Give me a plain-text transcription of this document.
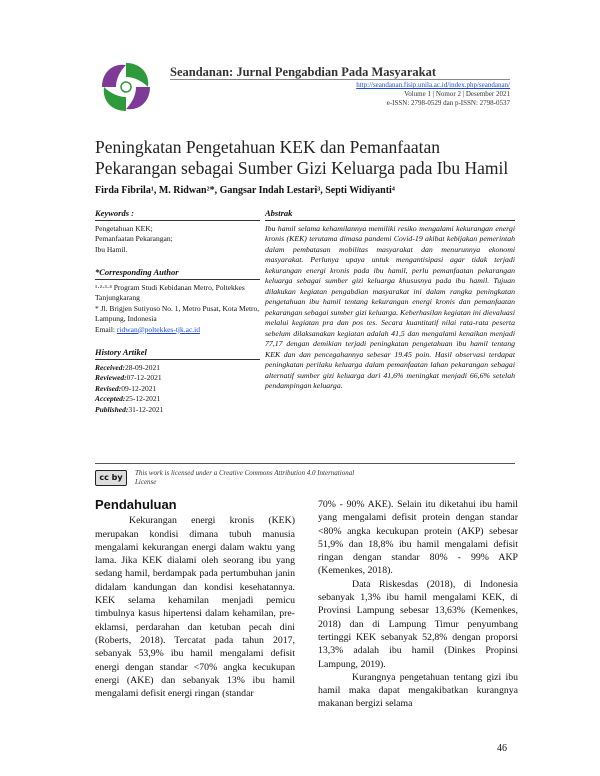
Seandanan: Jurnal Pengabdian Pada Masyarakat
http://seandanan.fisip.unila.ac.id/index.php/seandanan/
Volume 1 | Nomor 2 | Desember 2021
e-ISSN: 2798-0529 dan p-ISSN: 2798-0537
Peningkatan Pengetahuan KEK dan Pemanfaatan Pekarangan sebagai Sumber Gizi Keluarga pada Ibu Hamil
Firda Fibrila¹, M. Ridwan²*, Gangsar Indah Lestari³, Septi Widiyanti⁴
Keywords :

Pengetahuan KEK;

Pemanfaatan Pekarangan;

Ibu Hamil.

*Corresponding Author

¹·²·³·⁴ Program Studi Kebidanan Metro, Poltekkes Tanjungkarang

* Jl. Brigjen Sutiyoso No. 1, Metro Pusat, Kota Metro, Lampung, Indonesia

Email: ridwan@poltekkes-tjk.ac.id

History Artikel
Received:28-09-2021
Reviewed:07-12-2021
Revised:09-12-2021
Accepted:25-12-2021
Published:31-12-2021
Abstrak

Ibu hamil selama kehamilannya memiliki resiko mengalami kekurangan energi kronis (KEK) terutama dimasa pandemi Covid-19 akibat kebijakan pemerintah dalam pembatasan mobilitas masyarakat dan menurunnya ekonomi masyarakat. Perlunya upaya untuk mengantisipasi agar tidak terjadi kekurangan energi kronis pada ibu hamil, perlu pemanfaatan pekarangan keluarga sebagai sumber gizi keluarga khususnya pada ibu hamil. Tujuan dilakukan kegiatan pengabdian masyarakat ini dalam rangka peningkatan pengetahuan ibu hamil tentang kekurangan energi kronis dan pemanfaatan pekarangan sebagai sumber gizi keluarga. Keberhasilan kegiatan ini dievaluasi melalui kegiatan pra dan pos tes. Secara kuantitatif nilai rata-rata peserta sebelum dilaksanakan kegiatan adalah 41,5 dan mengalami kenaikan menjadi 77,17 dengan demikian terjadi peningkatan pengetahuan ibu hamil tentang KEK dan dan pencegahannya sebesar 19.45 poin. Hasil observasi terdapat peningkatan perilaku keluarga dalam pemanfaatan lahan pekarangan sebagai alternatif sumber gizi keluarga dari 41,6% meningkat menjadi 66,6% setelah pendampingan keluarga.

cc by	This work is licensed under a Creative Commons Attribution 4.0 International License
Pendahuluan

Kekurangan energi kronis (KEK) merupakan kondisi dimana tubuh manusia mengalami kekurangan energi dalam waktu yang lama. Jika KEK dialami oleh seorang ibu yang sedang hamil, berdampak pada pertumbuhan janin didalam kandungan dan kondisi kesehatannya. KEK selama kehamilan menjadi pemicu timbulnya kasus hipertensi dalam kehamilan, pre-eklamsi, perdarahan dan ketuban pecah dini (Roberts, 2018). Tercatat pada tahun 2017, sebanyak 53,9% ibu hamil mengalami defisit energi dengan standar <70% angka kecukupan energi (AKE) dan sebanyak 13% ibu hamil mengalami defisit energi ringan (standar

70% - 90% AKE). Selain itu diketahui ibu hamil yang mengalami defisit protein dengan standar <80% angka kecukupan protein (AKP) sebesar 51,9% dan 18,8% ibu hamil mengalami defisit ringan dengan standar 80% - 99% AKP (Kemenkes, 2018).

Data Riskesdas (2018), di Indonesia sebanyak 1,3% ibu hamil mengalami KEK, di Provinsi Lampung sebesar 13,63% (Kemenkes, 2018) dan di Lampung Timur penyumbang tertinggi KEK sebanyak 52,8% dengan proporsi 13,3% adalah ibu hamil (Dinkes Propinsi Lampung, 2019).

Kurangnya pengetahuan tentang gizi ibu hamil maka dapat mengakibatkan kurangnya makanan bergizi selama

46
